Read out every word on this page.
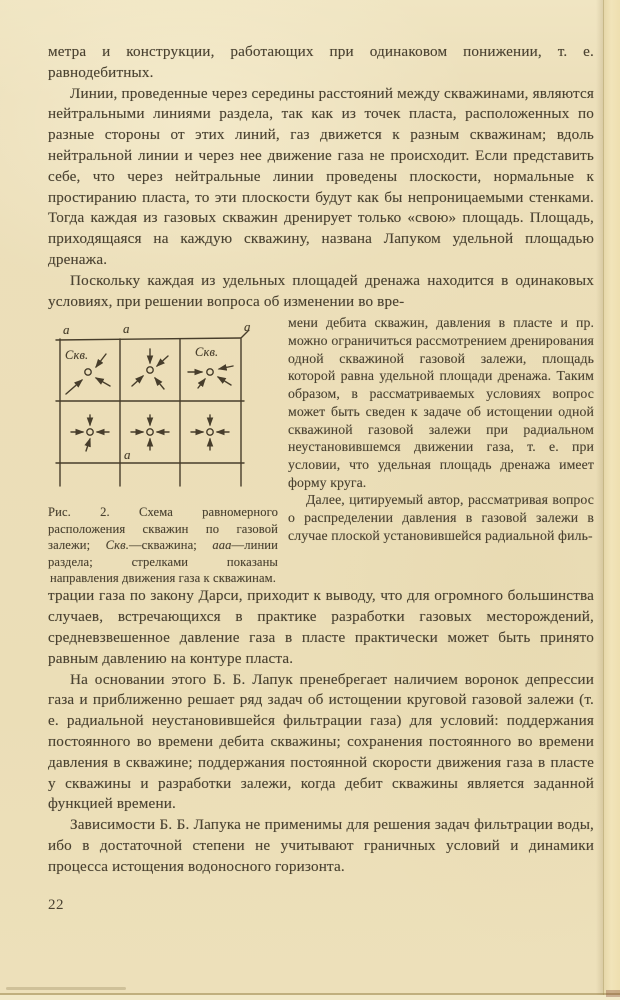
метра и конструкции, работающих при одинаковом понижении, т. е. равнодебитных.

Линии, проведенные через середины расстояний между скважинами, являются нейтральными линиями раздела, так как из точек пласта, расположенных по разные стороны от этих линий, газ движется к разным скважинам; вдоль нейтральной линии и через нее движение газа не происходит. Если представить себе, что через нейтральные линии проведены плоскости, нормальные к простиранию пласта, то эти плоскости будут как бы непроницаемыми стенками. Тогда каждая из газовых скважин дренирует только «свою» площадь. Площадь, приходящаяся на каждую скважину, названа Лапуком удельной площадью дренажа.

Поскольку каждая из удельных площадей дренажа находится в одинаковых условиях, при решении вопроса об изменении во вре-

a	a	a
a
Скв.	Скв.
Рис. 2. Схема равномерного расположения скважин по газовой залежи; Скв.—скважина; ааа—линии раздела; стрелками показаны направления движения газа к скважинам.

мени дебита скважин, давления в пласте и пр. можно ограничиться рассмотрением дренирования одной скважиной газовой залежи, площадь которой равна удельной площади дренажа. Таким образом, в рассматриваемых условиях вопрос может быть сведен к задаче об истощении одной скважиной газовой залежи при радиальном неустановившемся движении газа, т. е. при условии, что удельная площадь дренажа имеет форму круга.

Далее, цитируемый автор, рассматривая вопрос о распределении давления в газовой залежи в случае плоской установившейся радиальной филь-

трации газа по закону Дарси, приходит к выводу, что для огромного большинства случаев, встречающихся в практике разработки газовых месторождений, средневзвешенное давление газа в пласте практически может быть принято равным давлению на контуре пласта.

На основании этого Б. Б. Лапук пренебрегает наличием воронок депрессии газа и приближенно решает ряд задач об истощении круговой газовой залежи (т. е. радиальной неустановившейся фильтрации газа) для условий: поддержания постоянного во времени дебита скважины; сохранения постоянного во времени давления в скважине; поддержания постоянной скорости движения газа в пласте у скважины и разработки залежи, когда дебит скважины является заданной функцией времени.

Зависимости Б. Б. Лапука не применимы для решения задач фильтрации воды, ибо в достаточной степени не учитывают граничных условий и динамики процесса истощения водоносного горизонта.

22
